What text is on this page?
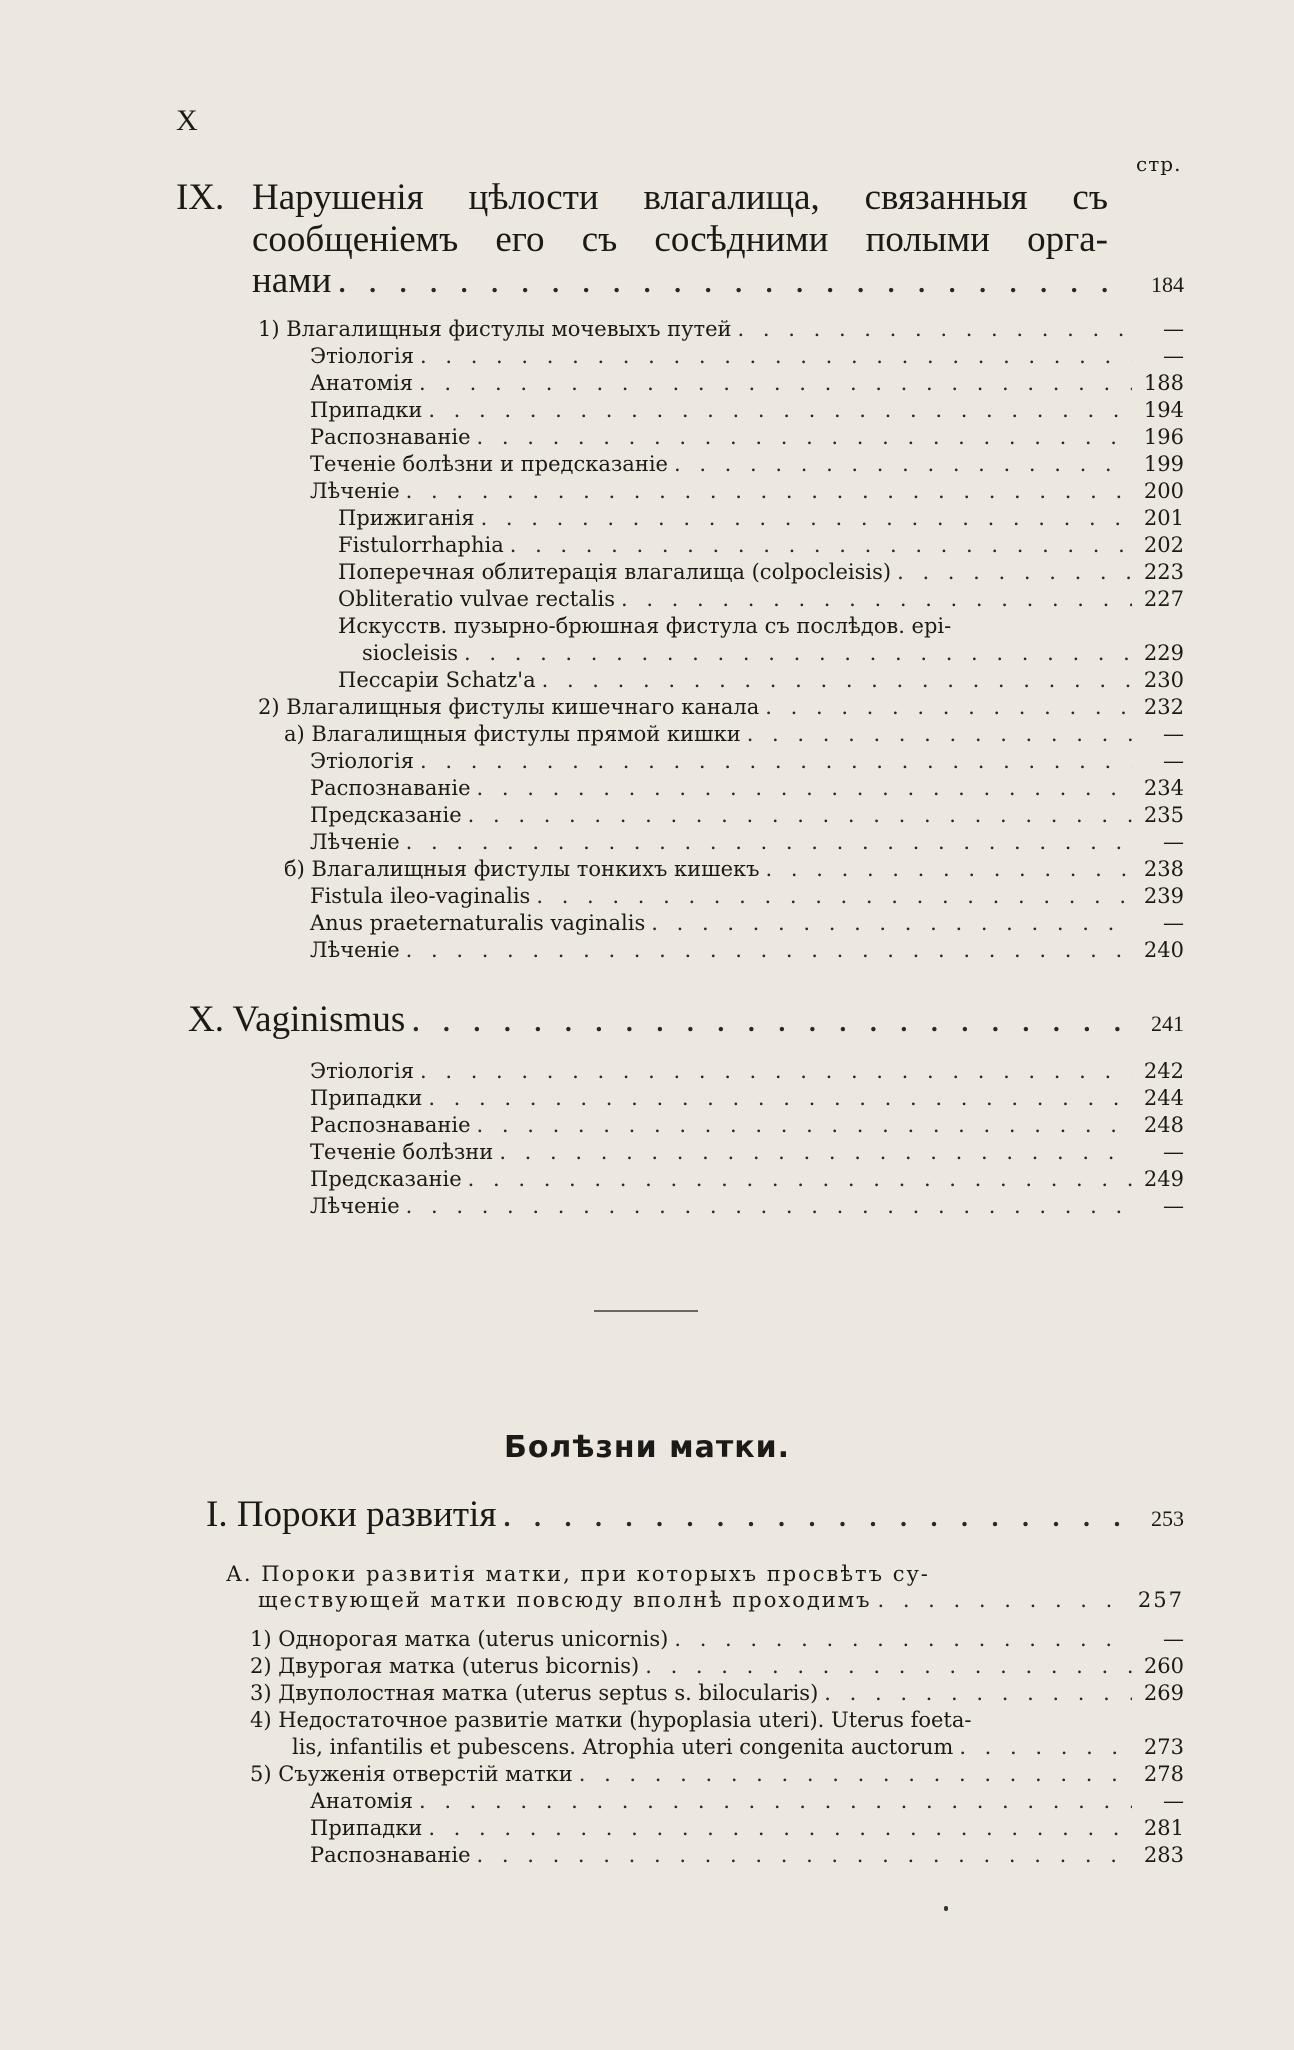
X
стр.
IX. Нарушенія цѣлости влагалища, связанныя съ
сообщеніемъ его съ сосѣдними полыми орга-
нами . . .	184
1) Влагалищныя фистулы мочевыхъ путей . . .	—
Этіологія . . .	—
Анатомія . . .	188
Припадки . . .	194
Распознаваніе . . .	196
Теченіе болѣзни и предсказаніе . . .	199
Лѣченіе . . .	200
Прижиганія . . .	201
Fistulorrhaphia . . .	202
Поперечная облитерація влагалища (colpocleisis) . . .	223
Obliteratio vulvae rectalis . . .	227
Искусств. пузырно-брюшная фистула съ послѣдов. epi-
siocleisis . . .	229
Пессаріи Schatz'а . . .	230
2) Влагалищныя фистулы кишечнаго канала . . .	232
а) Влагалищныя фистулы прямой кишки . . .	—
Этіологія . . .	—
Распознаваніе . . .	234
Предсказаніе . . .	235
Лѣченіе . . .	—
б) Влагалищныя фистулы тонкихъ кишекъ . . .	238
Fistula ileo-vaginalis . . .	239
Anus praeternaturalis vaginalis . . .	—
Лѣченіе . . .	240
X. Vaginismus . . .	241
Этіологія . . .	242
Припадки . . .	244
Распознаваніе . . .	248
Теченіе болѣзни . . .	—
Предсказаніе . . .	249
Лѣченіе . . .	—
Болѣзни матки.
I. Пороки развитія . . .	253
А. Пороки развитія матки, при которыхъ просвѣтъ су-
ществующей матки повсюду вполнѣ проходимъ . . .	257
1) Однорогая матка (uterus unicornis) . . .	—
2) Двурогая матка (uterus bicornis) . . .	260
3) Двуполостная матка (uterus septus s. bilocularis) . . .	269
4) Недостаточное развитіе матки (hypoplasia uteri). Uterus foeta-
lis, infantilis et pubescens. Atrophia uteri congenita auctorum . . .	273
5) Съуженія отверстій матки . . .	278
Анатомія . . .	—
Припадки . . .	281
Распознаваніе . . .	283
